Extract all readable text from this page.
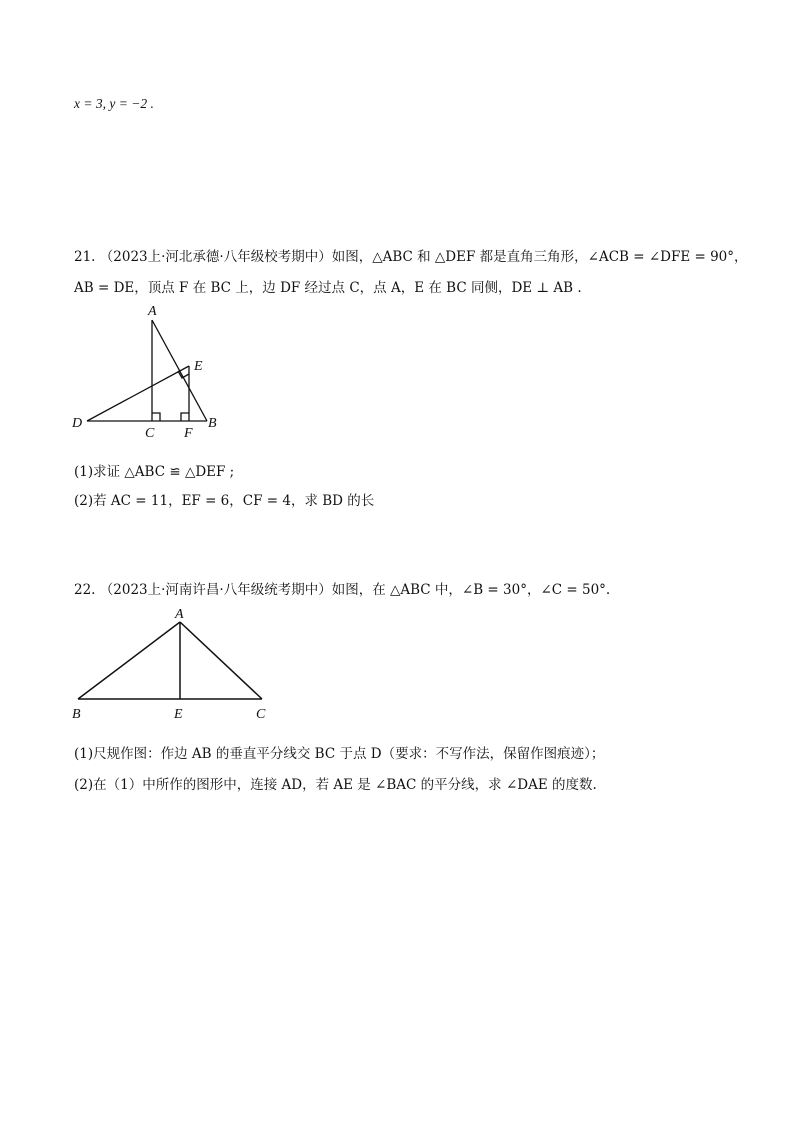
x = 3, y = −2 .
21. （2023上·河北承德·八年级校考期中）如图，△ABC 和 △DEF 都是直角三角形，∠ACB = ∠DFE = 90°，
AB = DE，顶点 F 在 BC 上，边 DF 经过点 C，点 A，E 在 BC 同侧，DE ⊥ AB .
A
E
D
C F
B
A
B	E	C
(1)求证 △ABC ≌ △DEF ;
(2)若 AC = 11，EF = 6，CF = 4，求 BD 的长
22. （2023上·河南许昌·八年级统考期中）如图，在 △ABC 中，∠B = 30°，∠C = 50°.
(1)尺规作图：作边 AB 的垂直平分线交 BC 于点 D（要求：不写作法，保留作图痕迹）；
(2)在（1）中所作的图形中，连接 AD，若 AE 是 ∠BAC 的平分线，求 ∠DAE 的度数.
